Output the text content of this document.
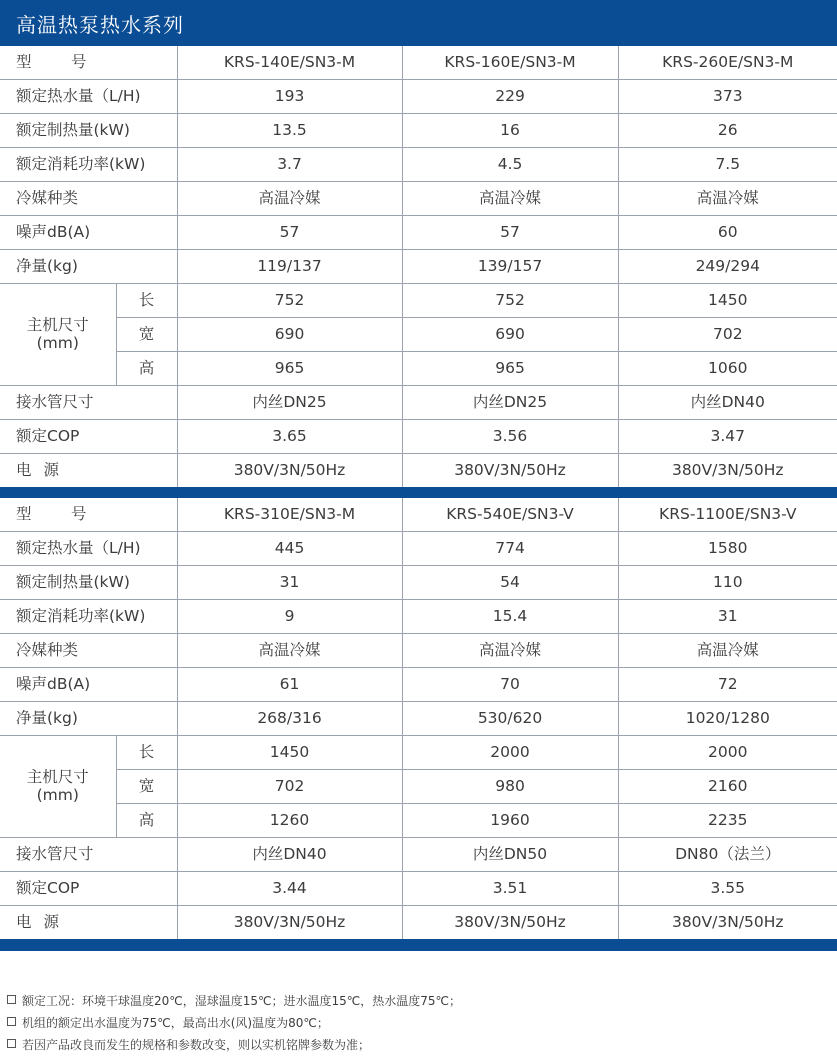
高温热泵热水系列
型　号		KRS-140E/SN3-M	KRS-160E/SN3-M	KRS-260E/SN3-M
额定热水量（L/H)		193	229	373
额定制热量(kW)		13.5	16	26
额定消耗功率(kW)		3.7	4.5	7.5
冷媒种类		高温冷媒	高温冷媒	高温冷媒
噪声dB(A)		57	57	60
净量(kg)		119/137	139/157	249/294

主机尺寸
(mm)	长	752	752	1450
	宽	690	690	702
	高	965	965	1060
接水管尺寸		内丝DN25	内丝DN25	内丝DN40
额定COP		3.65	3.56	3.47
电源		380V/3N/50Hz	380V/3N/50Hz	380V/3N/50Hz
型　号		KRS-310E/SN3-M	KRS-540E/SN3-V	KRS-1100E/SN3-V
额定热水量（L/H)		445	774	1580
额定制热量(kW)		31	54	110
额定消耗功率(kW)		9	15.4	31
冷媒种类		高温冷媒	高温冷媒	高温冷媒
噪声dB(A)		61	70	72
净量(kg)		268/316	530/620	1020/1280

主机尺寸
(mm)	长	1450	2000	2000
	宽	702	980	2160
	高	1260	1960	2235
接水管尺寸		内丝DN40	内丝DN50	DN80（法兰）
额定COP		3.44	3.51	3.55
电源		380V/3N/50Hz	380V/3N/50Hz	380V/3N/50Hz
额定工况：环境干球温度20℃，湿球温度15℃；进水温度15℃，热水温度75℃；
机组的额定出水温度为75℃，最高出水(风)温度为80℃；
若因产品改良而发生的规格和参数改变，则以实机铭牌参数为准；
